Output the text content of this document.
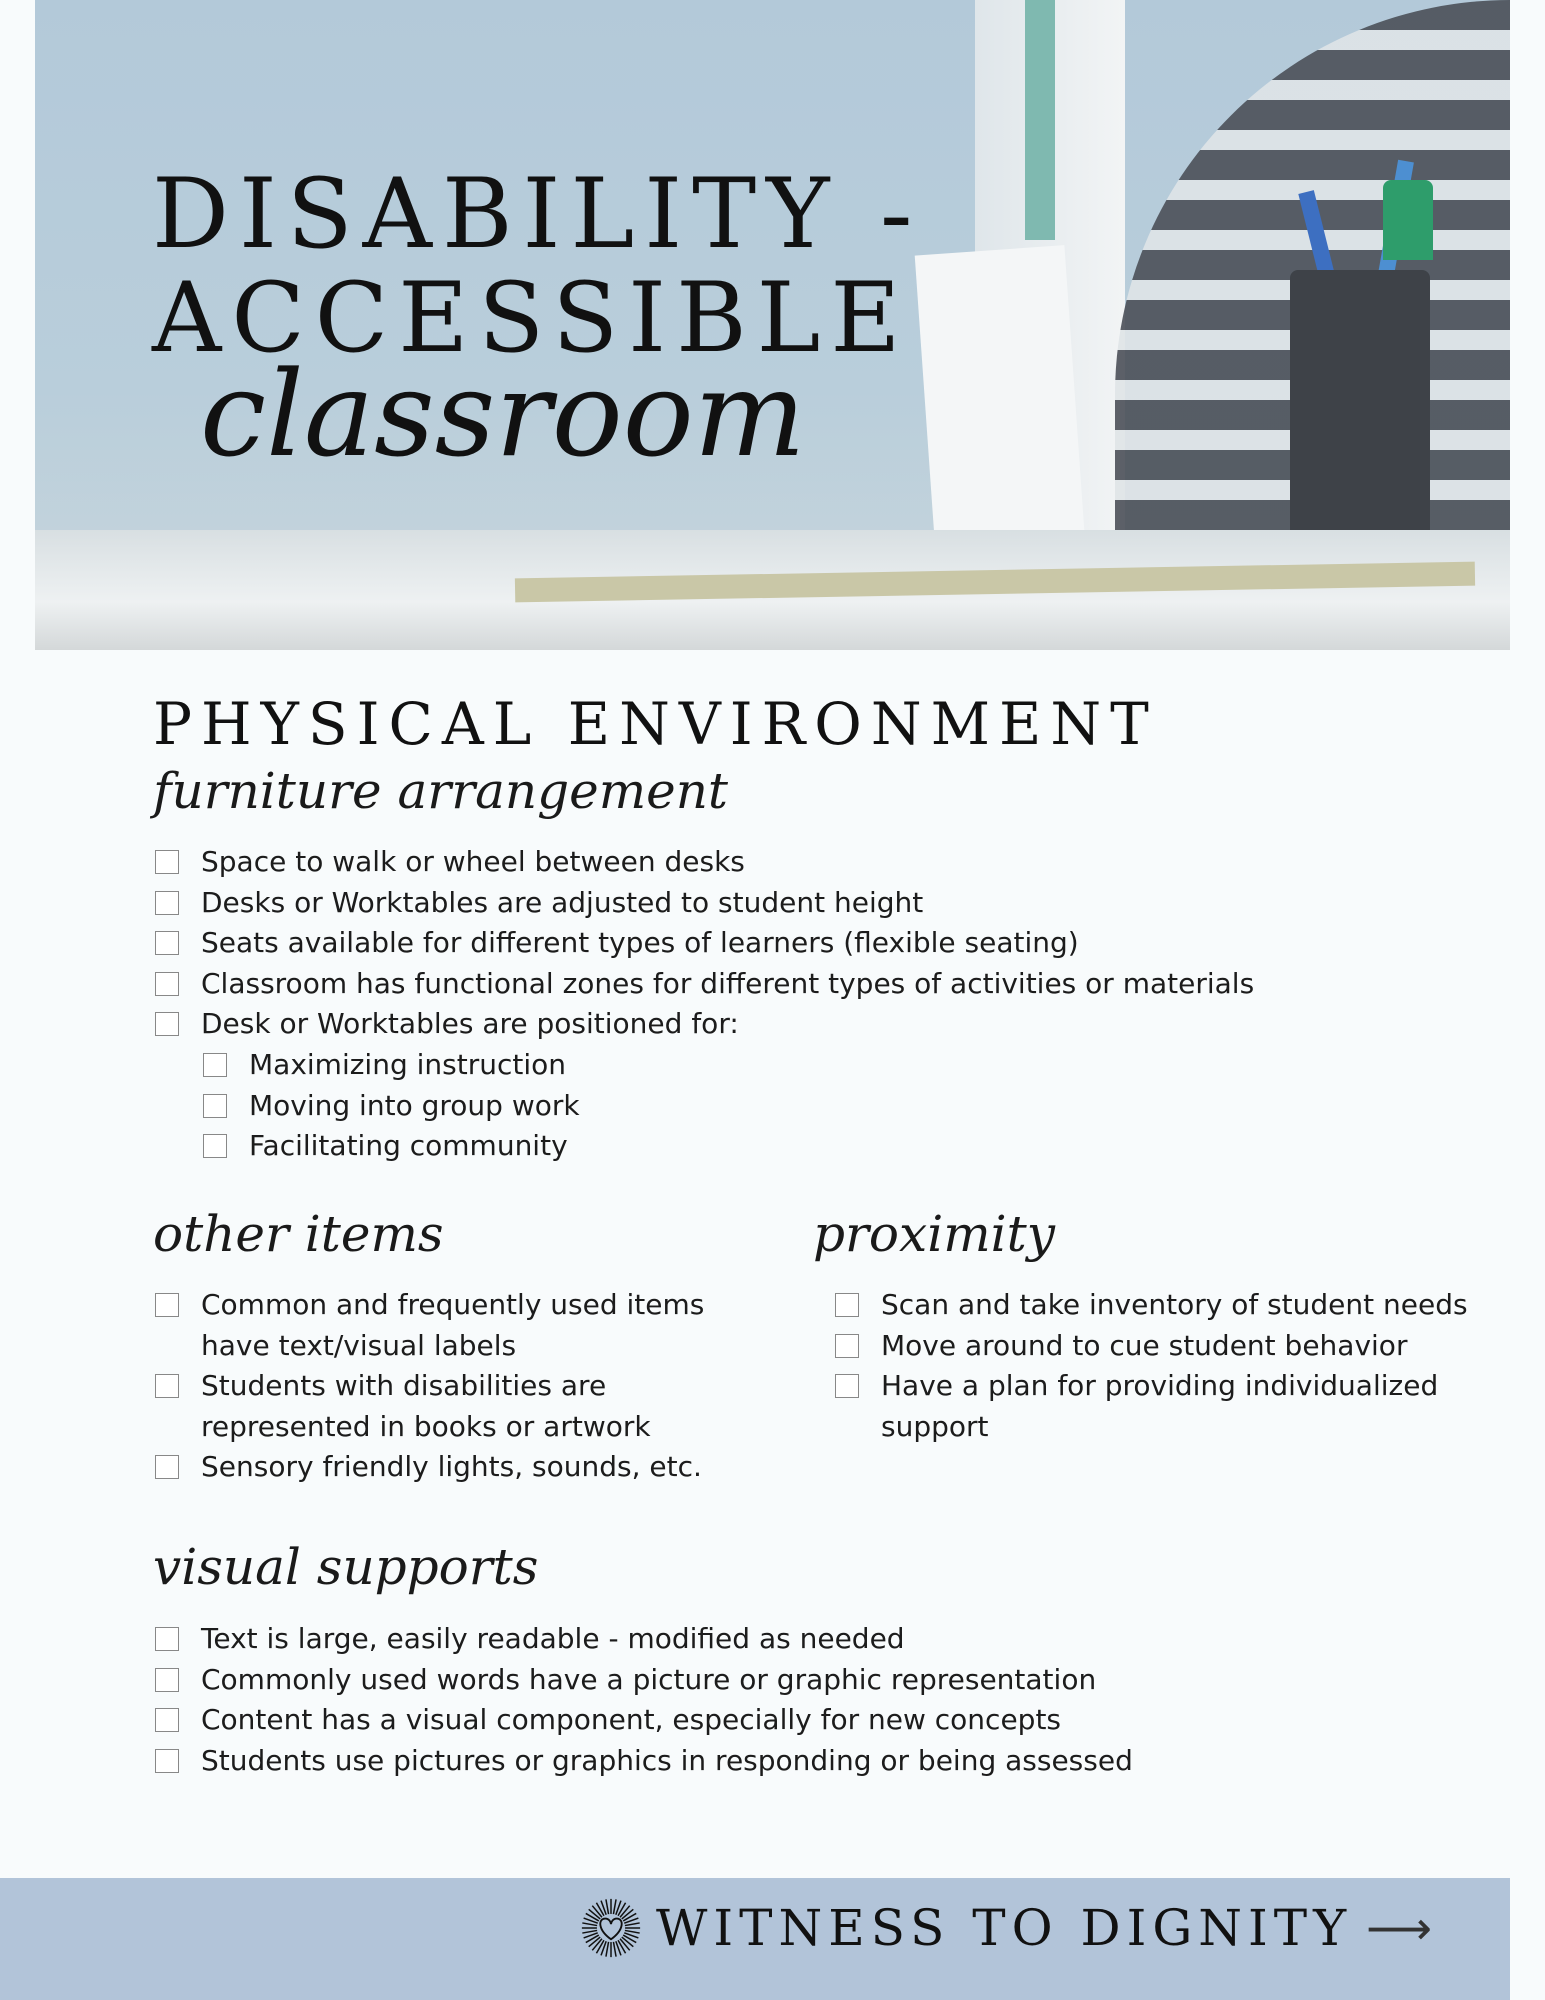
DISABILITY -
ACCESSIBLE
classroom
PHYSICAL ENVIRONMENT
furniture arrangement
Space to walk or wheel between desks
Desks or Worktables are adjusted to student height
Seats available for different types of learners (flexible seating)
Classroom has functional zones for different types of activities or materials
Desk or Worktables are positioned for:
Maximizing instruction
Moving into group work
Facilitating community
other items
Common and frequently used items have text/visual labels
Students with disabilities are represented in books or artwork
Sensory friendly lights, sounds, etc.
proximity
Scan and take inventory of student needs
Move around to cue student behavior
Have a plan for providing individualized support
visual supports
Text is large, easily readable - modified as needed
Commonly used words have a picture or graphic representation
Content has a visual component, especially for new concepts
Students use pictures or graphics in responding or being assessed
WITNESS TO DIGNITY ⟶
